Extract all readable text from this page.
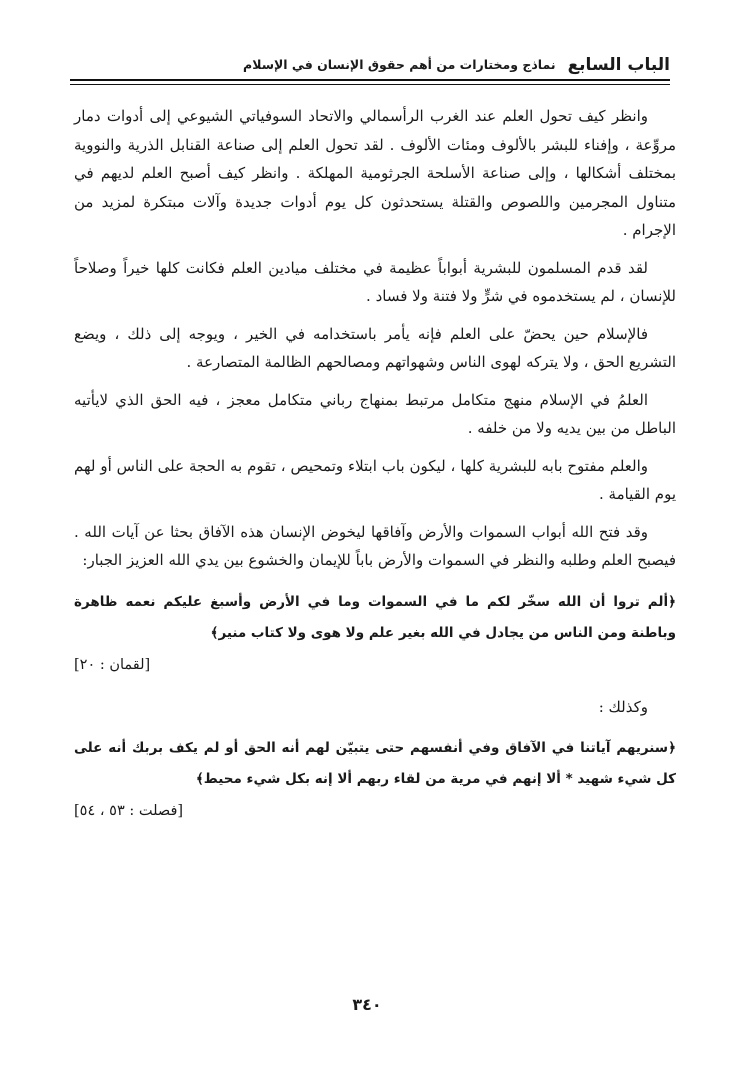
الباب السابع
نماذج ومختارات من أهم حقوق الإنسان في الإسلام

وانظر كيف تحول العلم عند الغرب الرأسمالي والاتحاد السوفياتي الشيوعي إلى أدوات دمار مروِّعة ، وإفناء للبشر بالألوف ومئات الألوف . لقد تحول العلم إلى صناعة القنابل الذرية والنووية بمختلف أشكالها ، وإلى صناعة الأسلحة الجرثومية المهلكة . وانظر كيف أصبح العلم لديهم في متناول المجرمين واللصوص والقتلة يستحدثون كل يوم أدوات جديدة وآلات مبتكرة لمزيد من الإجرام .

لقد قدم المسلمون للبشرية أبواباً عظيمة في مختلف ميادين العلم فكانت كلها خيراً وصلاحاً للإنسان ، لم يستخدموه في شرٍّ ولا فتنة ولا فساد .

فالإسلام حين يحضّ على العلم فإنه يأمر باستخدامه في الخير ، ويوجه إلى ذلك ، ويضع التشريع الحق ، ولا يتركه لهوى الناس وشهواتهم ومصالحهم الظالمة المتصارعة .

العلمُ في الإسلام منهج متكامل مرتبط بمنهاج رباني متكامل معجز ، فيه الحق الذي لايأتيه الباطل من بين يديه ولا من خلفه .

والعلم مفتوح بابه للبشرية كلها ، ليكون باب ابتلاء وتمحيص ، تقوم به الحجة على الناس أو لهم يوم القيامة .

وقد فتح الله أبواب السموات والأرض وآفاقها ليخوض الإنسان هذه الآفاق بحثا عن آيات الله . فيصبح العلم وطلبه والنظر في السموات والأرض باباً للإيمان والخشوع بين يدي الله العزيز الجبار:

﴿ألم تروا أن الله سخّر لكم ما في السموات وما في الأرض وأسبغ عليكم نعمه ظاهرة وباطنة ومن الناس من يجادل في الله بغير علم ولا هوى ولا كتاب منير﴾

[لقمان : ٢٠]

وكذلك :

﴿سنريهم آياتنا في الآفاق وفي أنفسهم حتى يتبيّن لهم أنه الحق أو لم يكف بربك أنه على كل شيء شهيد * ألا إنهم في مرية من لقاء ربهم ألا إنه بكل شيء محيط﴾

[فصلت : ٥٣ ، ٥٤]

٣٤٠
